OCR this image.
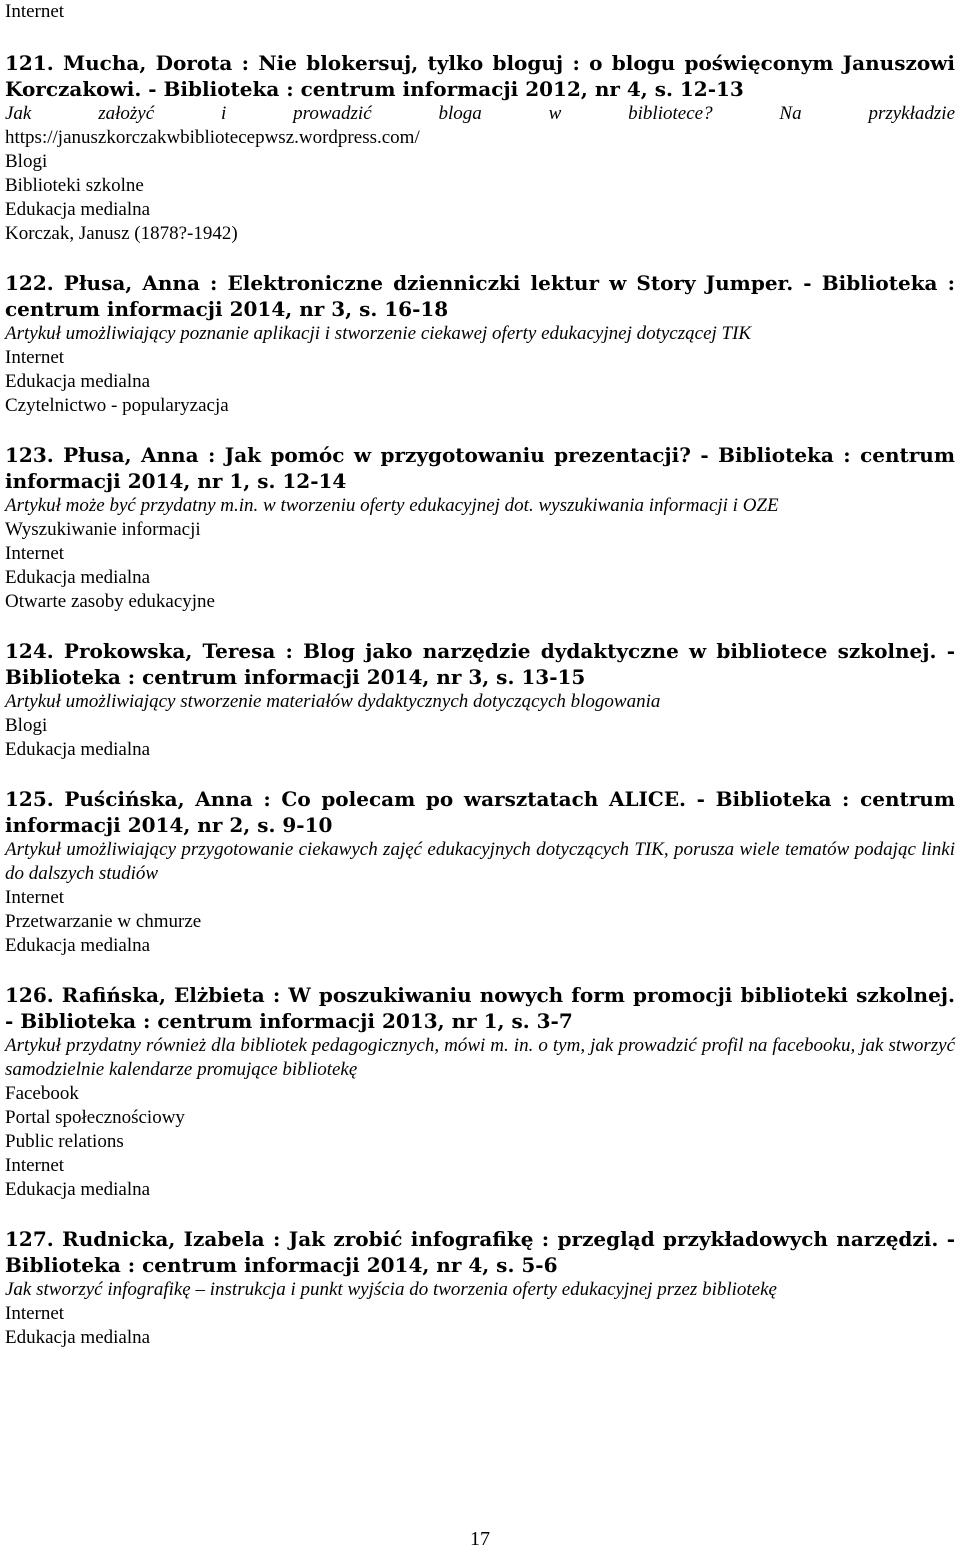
Internet

121. Mucha, Dorota : Nie blokersuj, tylko bloguj : o blogu poświęconym Januszowi Korczakowi. - Biblioteka : centrum informacji 2012, nr 4, s. 12-13

Jak założyć i prowadzić bloga w bibliotece? Na przykładzie

https://januszkorczakwbibliotecepwsz.wordpress.com/

Blogi
Biblioteki szkolne
Edukacja medialna
Korczak, Janusz (1878?-1942)

122. Płusa, Anna : Elektroniczne dzienniczki lektur w Story Jumper. - Biblioteka : centrum informacji 2014, nr 3, s. 16-18

Artykuł umożliwiający poznanie aplikacji i stworzenie ciekawej oferty edukacyjnej dotyczącej TIK

Internet
Edukacja medialna
Czytelnictwo - popularyzacja

123. Płusa, Anna : Jak pomóc w przygotowaniu prezentacji? - Biblioteka : centrum informacji 2014, nr 1, s. 12-14

Artykuł może być przydatny m.in. w tworzeniu oferty edukacyjnej dot. wyszukiwania informacji i OZE

Wyszukiwanie informacji
Internet
Edukacja medialna
Otwarte zasoby edukacyjne

124. Prokowska, Teresa : Blog jako narzędzie dydaktyczne w bibliotece szkolnej. - Biblioteka : centrum informacji 2014, nr 3, s. 13-15

Artykuł umożliwiający stworzenie materiałów dydaktycznych dotyczących blogowania

Blogi
Edukacja medialna

125. Puścińska, Anna : Co polecam po warsztatach ALICE. - Biblioteka : centrum informacji 2014, nr 2, s. 9-10

Artykuł umożliwiający przygotowanie ciekawych zajęć edukacyjnych dotyczących TIK, porusza wiele tematów podając linki do dalszych studiów

Internet
Przetwarzanie w chmurze
Edukacja medialna

126. Rafińska, Elżbieta : W poszukiwaniu nowych form promocji biblioteki szkolnej. - Biblioteka : centrum informacji 2013, nr 1, s. 3-7

Artykuł przydatny również dla bibliotek pedagogicznych, mówi m. in. o tym, jak prowadzić profil na facebooku, jak stworzyć samodzielnie kalendarze promujące bibliotekę

Facebook
Portal społecznościowy
Public relations
Internet
Edukacja medialna

127. Rudnicka, Izabela : Jak zrobić infografikę : przegląd przykładowych narzędzi. - Biblioteka : centrum informacji 2014, nr 4, s. 5-6

Jak stworzyć infografikę – instrukcja i punkt wyjścia do tworzenia oferty edukacyjnej przez bibliotekę

Internet
Edukacja medialna
17
